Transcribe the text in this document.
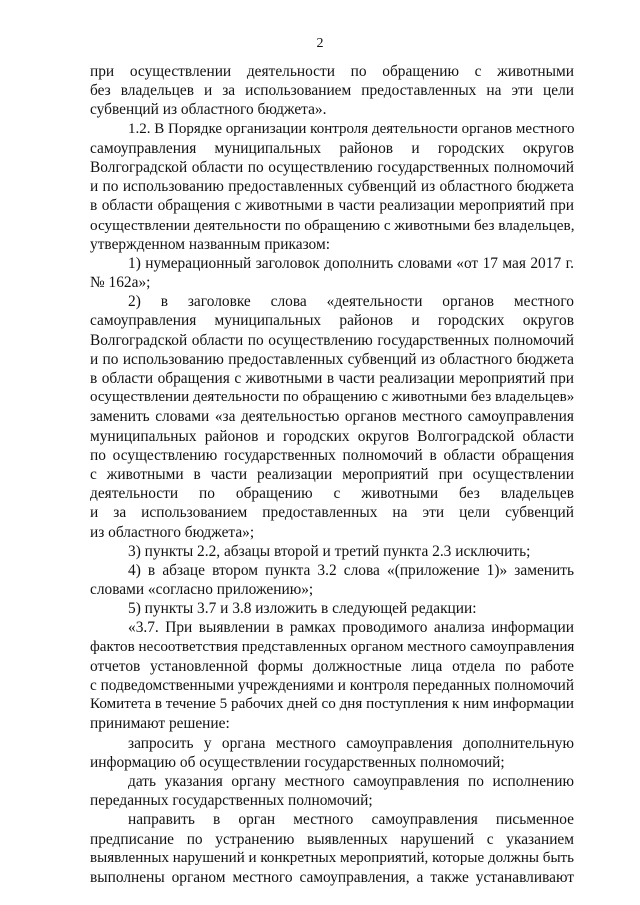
2
при осуществлении деятельности по обращению с животными
без владельцев и за использованием предоставленных на эти цели
субвенций из областного бюджета».
1.2. В Порядке организации контроля деятельности органов местного
самоуправления муниципальных районов и городских округов
Волгоградской области по осуществлению государственных полномочий
и по использованию предоставленных субвенций из областного бюджета
в области обращения с животными в части реализации мероприятий при
осуществлении деятельности по обращению с животными без владельцев,
утвержденном названным приказом:
1) нумерационный заголовок дополнить словами «от 17 мая 2017 г.
№ 162а»;
2) в заголовке слова «деятельности органов местного
самоуправления муниципальных районов и городских округов
Волгоградской области по осуществлению государственных полномочий
и по использованию предоставленных субвенций из областного бюджета
в области обращения с животными в части реализации мероприятий при
осуществлении деятельности по обращению с животными без владельцев»
заменить словами «за деятельностью органов местного самоуправления
муниципальных районов и городских округов Волгоградской области
по осуществлению государственных полномочий в области обращения
с животными в части реализации мероприятий при осуществлении
деятельности по обращению с животными без владельцев
и за использованием предоставленных на эти цели субвенций
из областного бюджета»;
3) пункты 2.2, абзацы второй и третий пункта 2.3 исключить;
4) в абзаце втором пункта 3.2 слова «(приложение 1)» заменить
словами «согласно приложению»;
5) пункты 3.7 и 3.8 изложить в следующей редакции:
«3.7. При выявлении в рамках проводимого анализа информации
фактов несоответствия представленных органом местного самоуправления
отчетов установленной формы должностные лица отдела по работе
с подведомственными учреждениями и контроля переданных полномочий
Комитета в течение 5 рабочих дней со дня поступления к ним информации
принимают решение:
запросить у органа местного самоуправления дополнительную
информацию об осуществлении государственных полномочий;
дать указания органу местного самоуправления по исполнению
переданных государственных полномочий;
направить в орган местного самоуправления письменное
предписание по устранению выявленных нарушений с указанием
выявленных нарушений и конкретных мероприятий, которые должны быть
выполнены органом местного самоуправления, а также устанавливают
